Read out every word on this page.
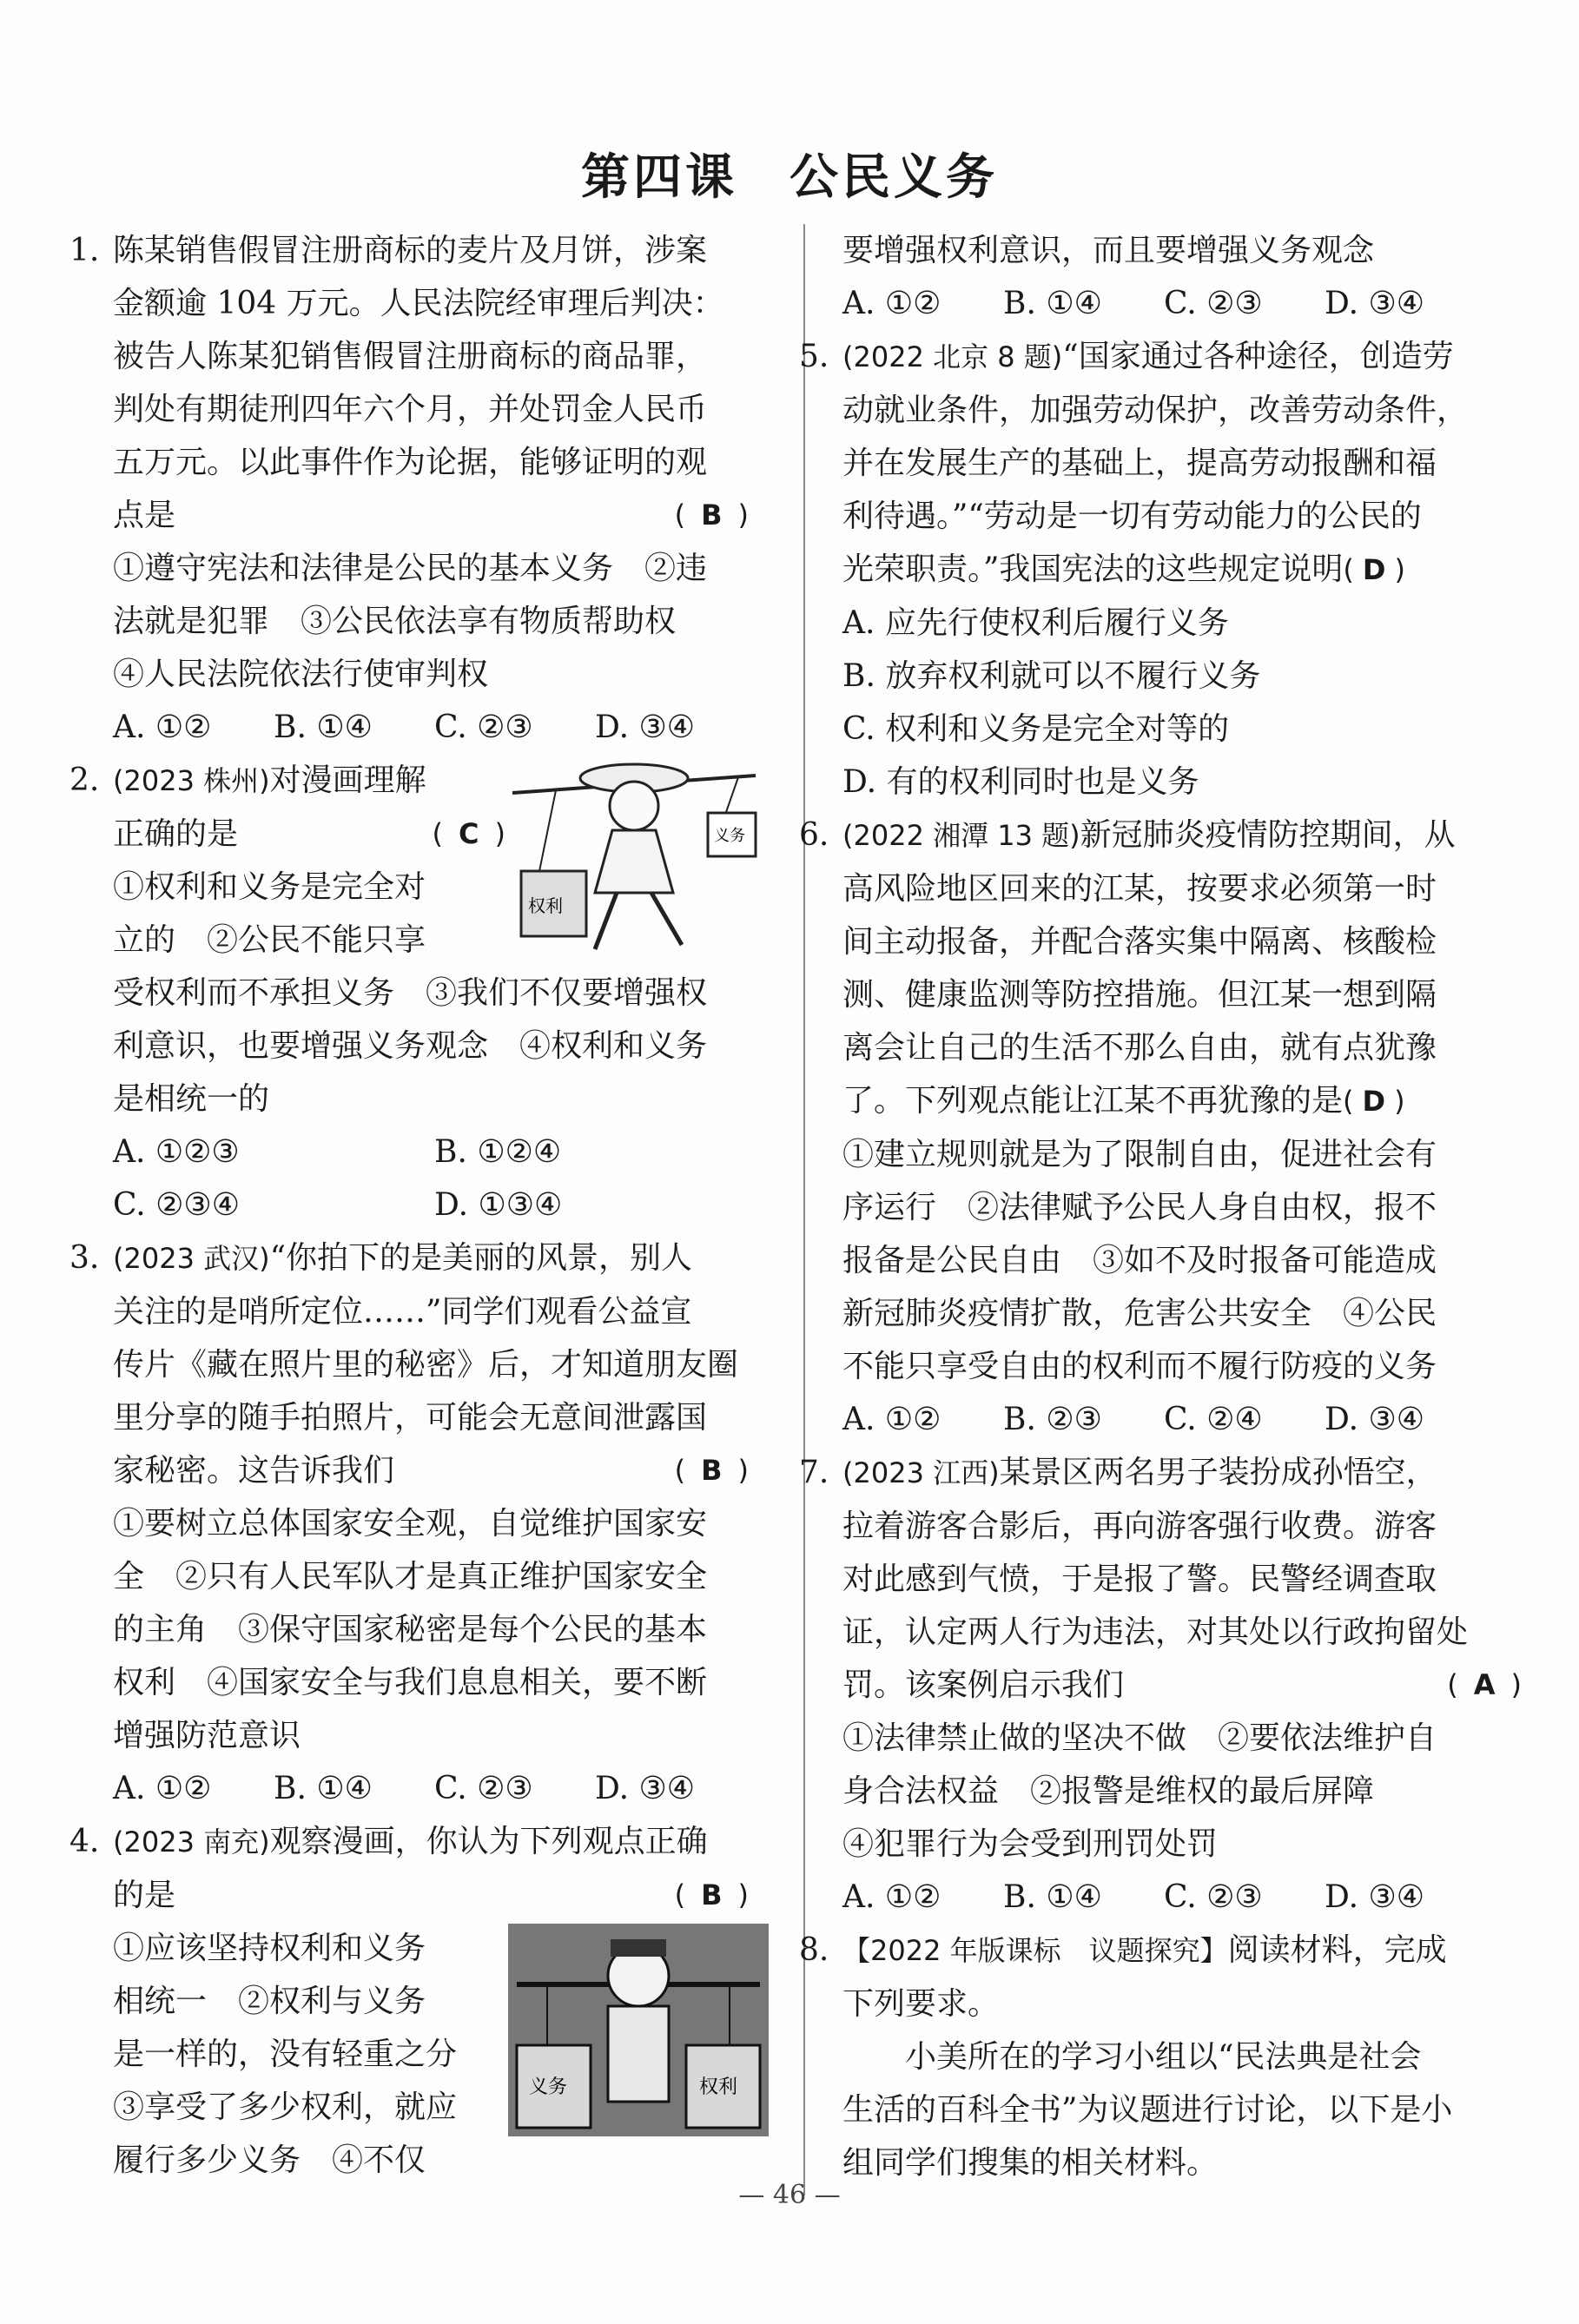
第四课 公民义务
1. 陈某销售假冒注册商标的麦片及月饼，涉案
金额逾 104 万元。人民法院经审理后判决：
被告人陈某犯销售假冒注册商标的商品罪，
判处有期徒刑四年六个月，并处罚金人民币
五万元。以此事件作为论据，能够证明的观
点是	(B)
①遵守宪法和法律是公民的基本义务　②违
法就是犯罪　③公民依法享有物质帮助权
④人民法院依法行使审判权
A. ①②	B. ①④	C. ②③	D. ③④
2. (2023 株州)对漫画理解
正确的是	(C)
①权利和义务是完全对
立的　②公民不能只享
受权利而不承担义务　③我们不仅要增强权
利意识，也要增强义务观念　④权利和义务
是相统一的
A. ①②③	B. ①②④
C. ②③④	D. ①③④
权利
义务
3. (2023 武汉)“你拍下的是美丽的风景，别人
关注的是哨所定位……”同学们观看公益宣
传片《藏在照片里的秘密》后，才知道朋友圈
里分享的随手拍照片，可能会无意间泄露国
家秘密。这告诉我们	(B)
①要树立总体国家安全观，自觉维护国家安
全　②只有人民军队才是真正维护国家安全
的主角　③保守国家秘密是每个公民的基本
权利　④国家安全与我们息息相关，要不断
增强防范意识
A. ①②	B. ①④	C. ②③	D. ③④
4. (2023 南充)观察漫画，你认为下列观点正确
的是	(B)
①应该坚持权利和义务
相统一　②权利与义务
是一样的，没有轻重之分
③享受了多少权利，就应
履行多少义务　④不仅
义务	权利
要增强权利意识，而且要增强义务观念
A. ①②	B. ①④	C. ②③	D. ③④
5. (2022 北京 8 题)“国家通过各种途径，创造劳
动就业条件，加强劳动保护，改善劳动条件，
并在发展生产的基础上，提高劳动报酬和福
利待遇。”“劳动是一切有劳动能力的公民的
光荣职责。”我国宪法的这些规定说明(D)
A. 应先行使权利后履行义务
B. 放弃权利就可以不履行义务
C. 权利和义务是完全对等的
D. 有的权利同时也是义务
6. (2022 湘潭 13 题)新冠肺炎疫情防控期间，从
高风险地区回来的江某，按要求必须第一时
间主动报备，并配合落实集中隔离、核酸检
测、健康监测等防控措施。但江某一想到隔
离会让自己的生活不那么自由，就有点犹豫
了。下列观点能让江某不再犹豫的是(D)
①建立规则就是为了限制自由，促进社会有
序运行　②法律赋予公民人身自由权，报不
报备是公民自由　③如不及时报备可能造成
新冠肺炎疫情扩散，危害公共安全　④公民
不能只享受自由的权利而不履行防疫的义务
A. ①②	B. ②③	C. ②④	D. ③④
7. (2023 江西)某景区两名男子装扮成孙悟空，
拉着游客合影后，再向游客强行收费。游客
对此感到气愤，于是报了警。民警经调查取
证，认定两人行为违法，对其处以行政拘留处
罚。该案例启示我们	(A)
①法律禁止做的坚决不做　②要依法维护自
身合法权益　②报警是维权的最后屏障
④犯罪行为会受到刑罚处罚
A. ①②	B. ①④	C. ②③	D. ③④
8. 【2022 年版课标　议题探究】阅读材料，完成
下列要求。
小美所在的学习小组以“民法典是社会
生活的百科全书”为议题进行讨论，以下是小
组同学们搜集的相关材料。
— 46 —
